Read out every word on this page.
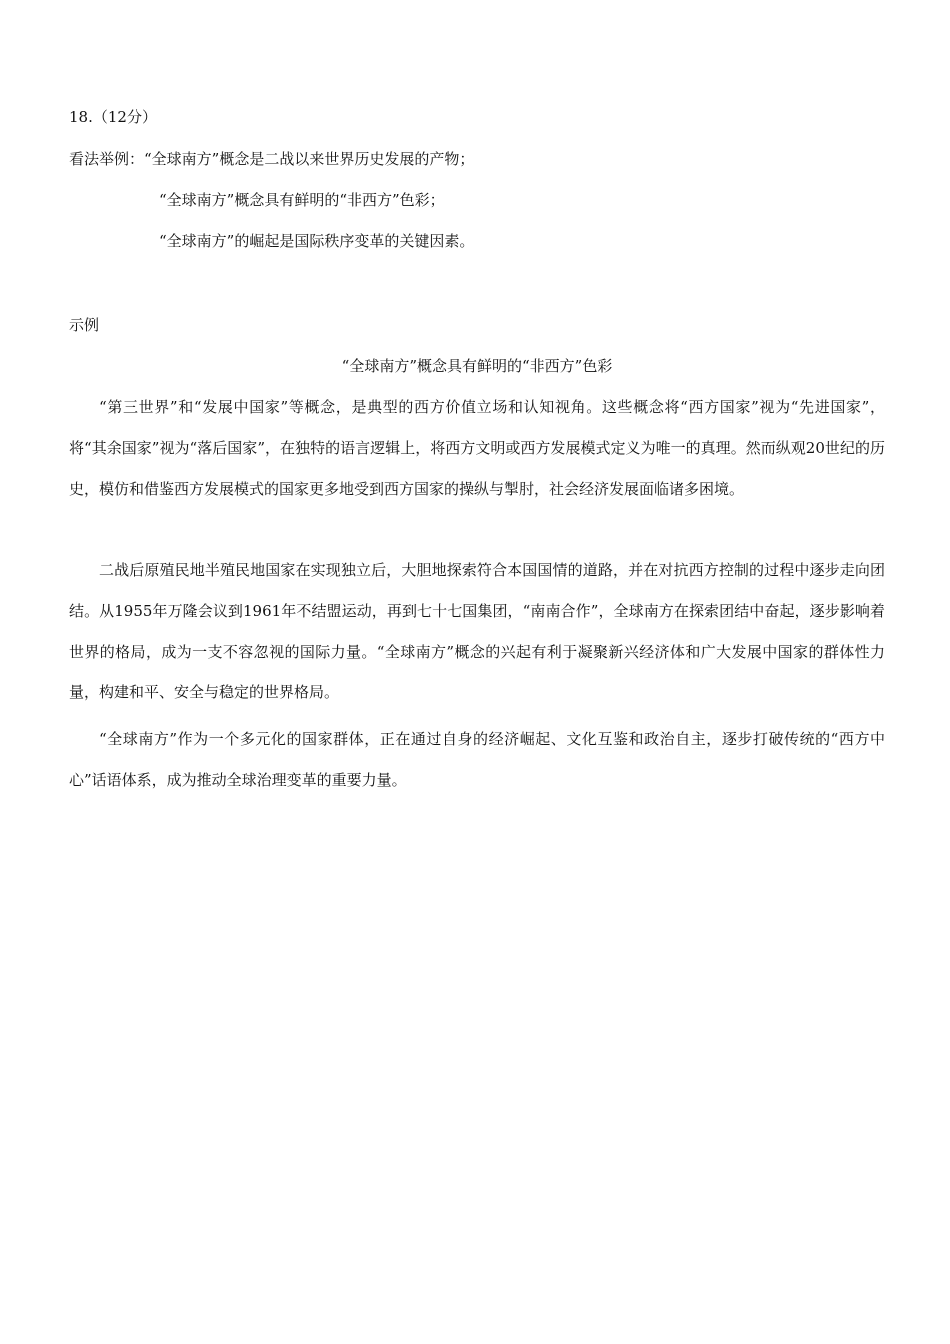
18.（12分）
看法举例：“全球南方”概念是二战以来世界历史发展的产物；
“全球南方”概念具有鲜明的“非西方”色彩；
“全球南方”的崛起是国际秩序变革的关键因素。
示例
“全球南方”概念具有鲜明的“非西方”色彩
“第三世界”和“发展中国家”等概念，是典型的西方价值立场和认知视角。这些概念将“西方国家”视为“先进国家”，将“其余国家”视为“落后国家”，在独特的语言逻辑上，将西方文明或西方发展模式定义为唯一的真理。然而纵观20世纪的历史，模仿和借鉴西方发展模式的国家更多地受到西方国家的操纵与掣肘，社会经济发展面临诸多困境。
二战后原殖民地半殖民地国家在实现独立后，大胆地探索符合本国国情的道路，并在对抗西方控制的过程中逐步走向团结。从1955年万隆会议到1961年不结盟运动，再到七十七国集团，“南南合作”，全球南方在探索团结中奋起，逐步影响着世界的格局，成为一支不容忽视的国际力量。“全球南方”概念的兴起有利于凝聚新兴经济体和广大发展中国家的群体性力量，构建和平、安全与稳定的世界格局。
“全球南方”作为一个多元化的国家群体，正在通过自身的经济崛起、文化互鉴和政治自主，逐步打破传统的“西方中心”话语体系，成为推动全球治理变革的重要力量。
